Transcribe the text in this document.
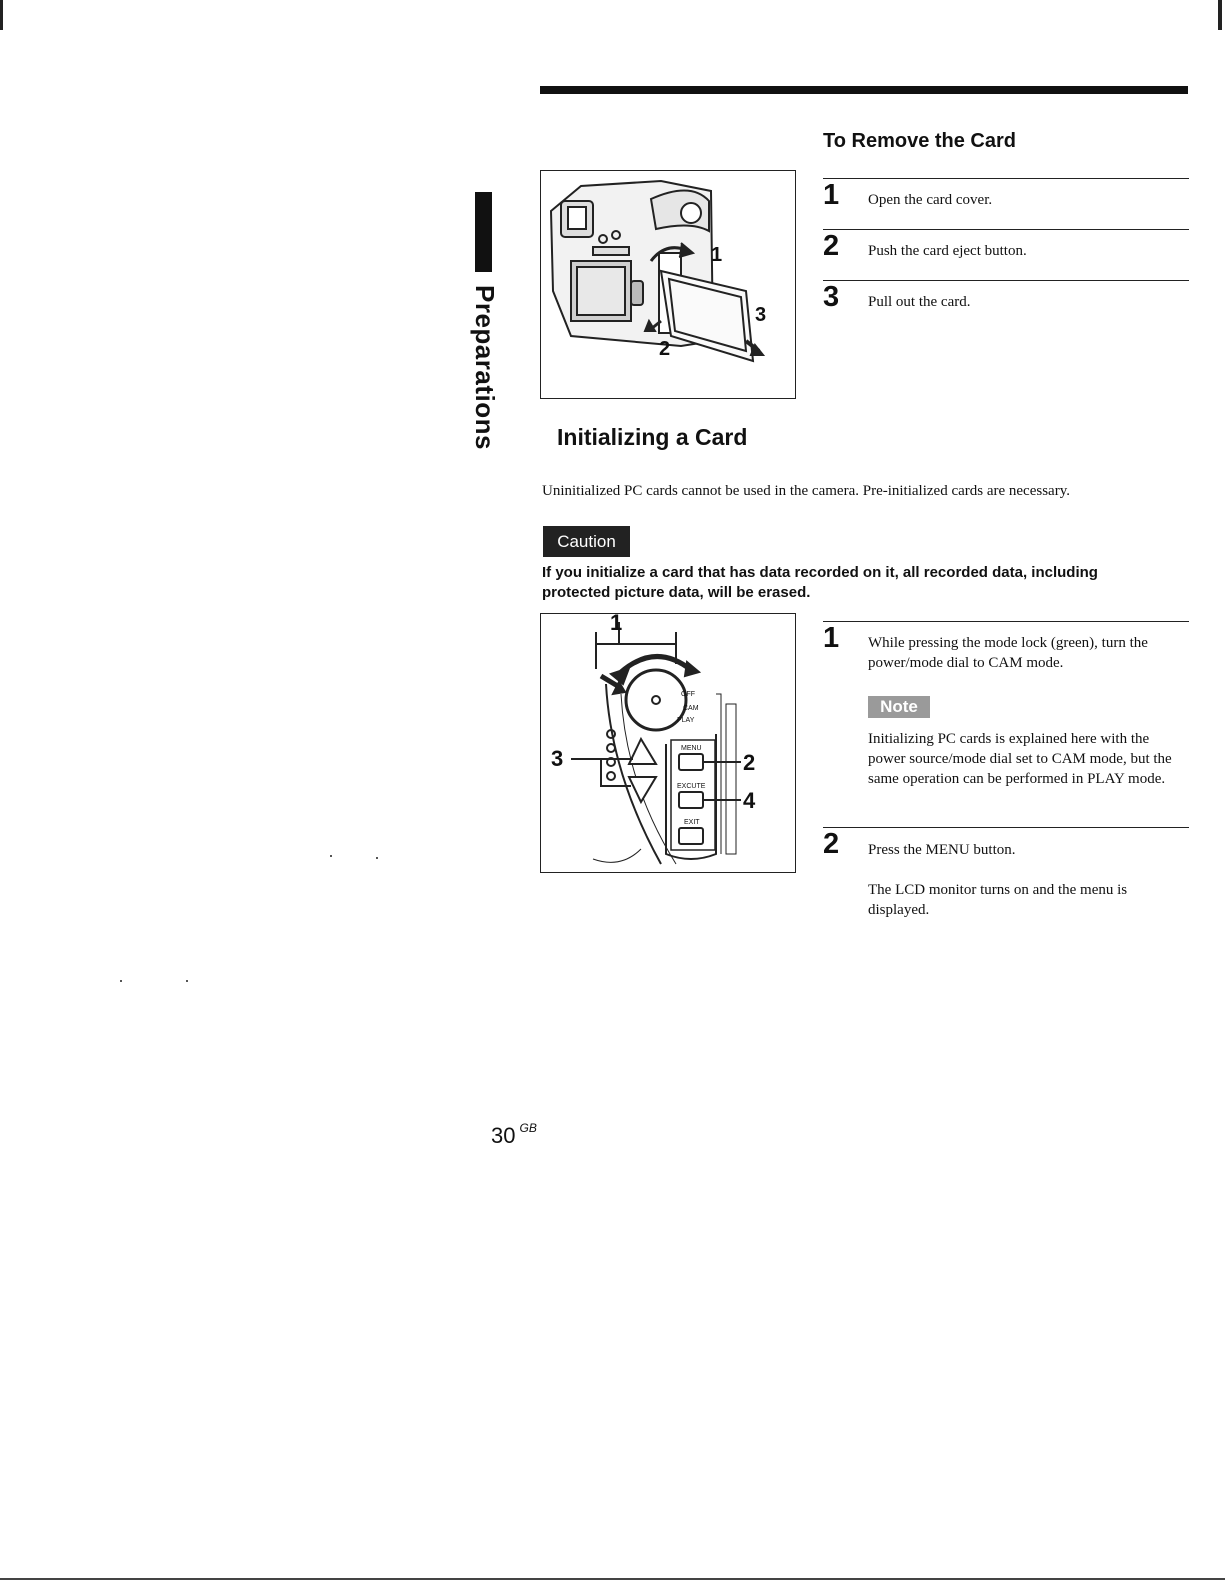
Preparations
To Remove the Card
1
2
3
1 Open the card cover.
2 Push the card eject button.
3 Pull out the card.
Initializing a Card
Uninitialized PC cards cannot be used in the camera. Pre-initialized cards are necessary.
Caution
If you initialize a card that has data recorded on it, all recorded data, including protected picture data, will be erased.
1
2
3
4
OFF
CAM
PLAY
MENU
EXCUTE
EXIT
1 While pressing the mode lock (green), turn the power/mode dial to CAM mode.
Note
Initializing PC cards is explained here with the power source/mode dial set to CAM mode, but the same operation can be performed in PLAY mode.
2 Press the MENU button.
The LCD monitor turns on and the menu is displayed.
30 $^{GB}$
